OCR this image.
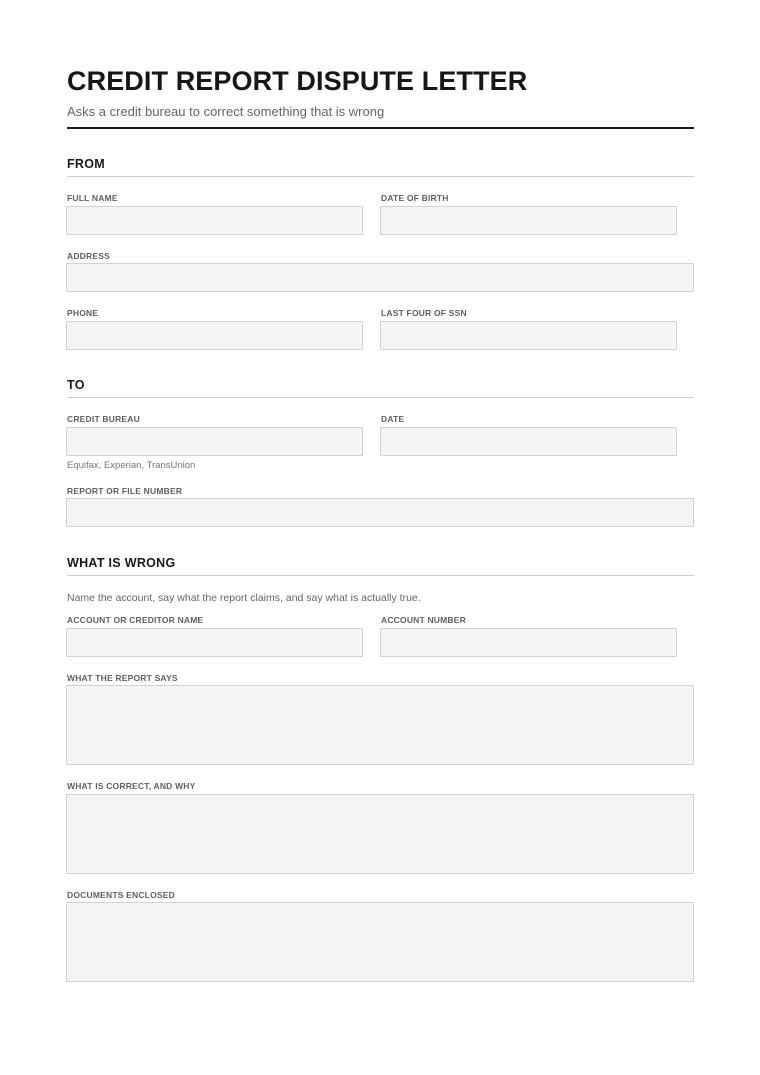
CREDIT REPORT DISPUTE LETTER
Asks a credit bureau to correct something that is wrong
FROM
FULL NAME	DATE OF BIRTH
ADDRESS
PHONE	LAST FOUR OF SSN
TO
CREDIT BUREAU
Equifax, Experian, TransUnion
DATE
REPORT OR FILE NUMBER
WHAT IS WRONG
Name the account, say what the report claims, and say what is actually true.
ACCOUNT OR CREDITOR NAME	ACCOUNT NUMBER
WHAT THE REPORT SAYS
WHAT IS CORRECT, AND WHY
DOCUMENTS ENCLOSED
